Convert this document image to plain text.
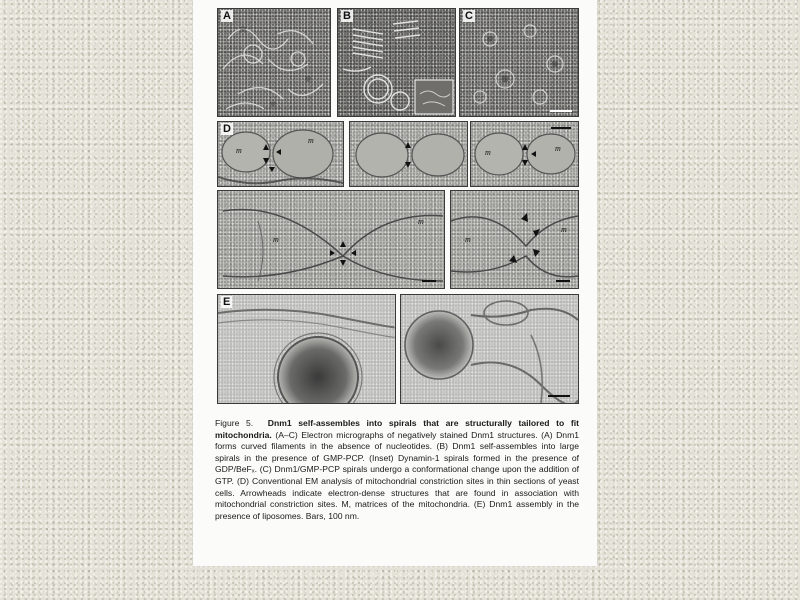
A	B	C
D
m
m
m	m
m
m
m
m
E

Figure 5. Dnm1 self-assembles into spirals that are structurally tailored to fit mitochondria. (A–C) Electron micrographs of negatively stained Dnm1 structures. (A) Dnm1 forms curved filaments in the absence of nucleotides. (B) Dnm1 self-assembles into large spirals in the presence of GMP-PCP. (Inset) Dynamin-1 spirals formed in the presence of GDP/BeFₓ. (C) Dnm1/GMP-PCP spirals undergo a conformational change upon the addition of GTP. (D) Conventional EM analysis of mitochondrial constriction sites in thin sections of yeast cells. Arrowheads indicate electron-dense structures that are found in association with mitochondrial constriction sites. M, matrices of the mitochondria. (E) Dnm1 assembly in the presence of liposomes. Bars, 100 nm.
